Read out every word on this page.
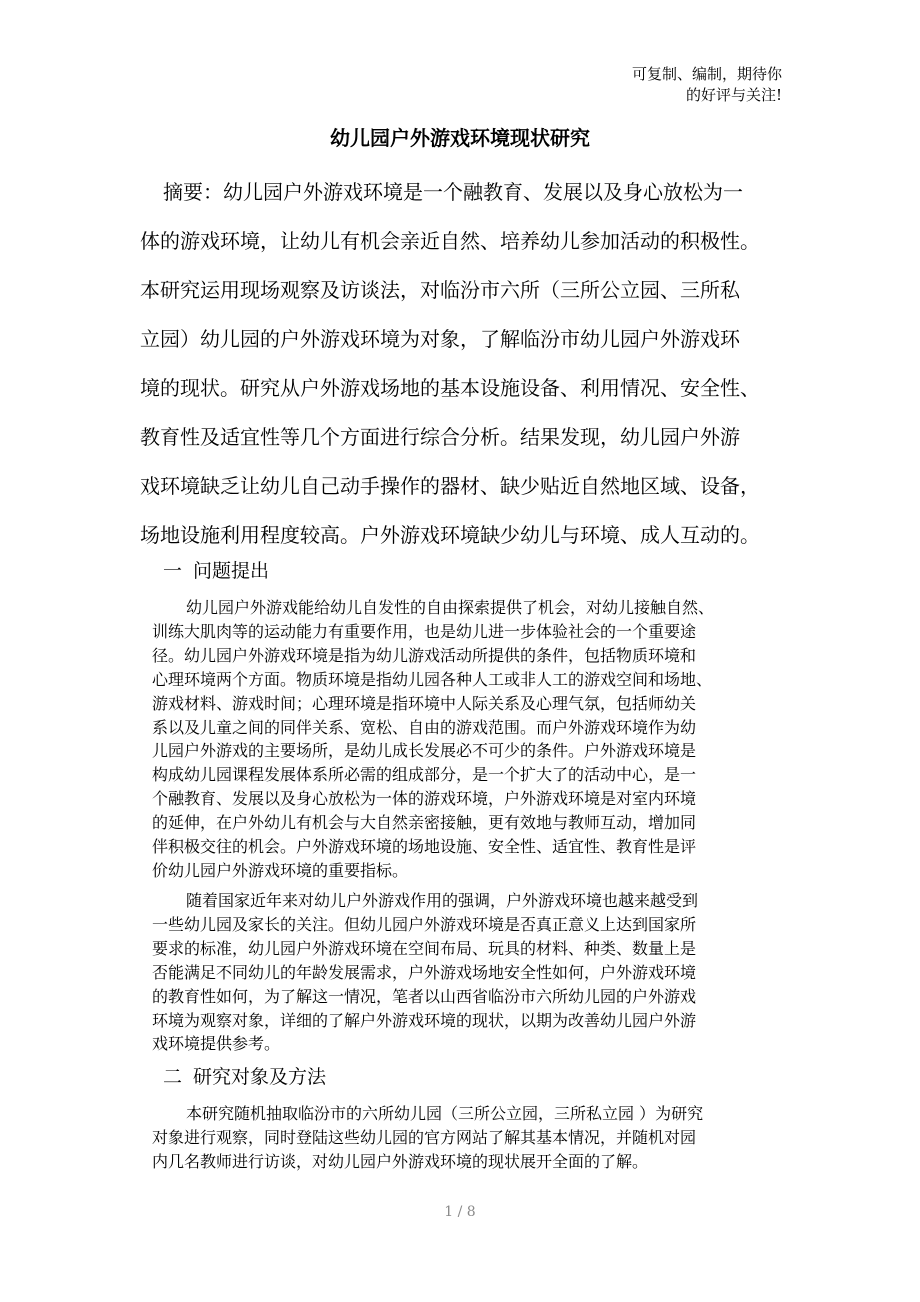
可复制、编制，期待你
的好评与关注!
幼儿园户外游戏环境现状研究
摘要：幼儿园户外游戏环境是一个融教育、发展以及身心放松为一
体的游戏环境，让幼儿有机会亲近自然、培养幼儿参加活动的积极性。
本研究运用现场观察及访谈法，对临汾市六所（三所公立园、三所私
立园）幼儿园的户外游戏环境为对象，了解临汾市幼儿园户外游戏环
境的现状。研究从户外游戏场地的基本设施设备、利用情况、安全性、
教育性及适宜性等几个方面进行综合分析。结果发现，幼儿园户外游
戏环境缺乏让幼儿自己动手操作的器材、缺少贴近自然地区域、设备，
场地设施利用程度较高。户外游戏环境缺少幼儿与环境、成人互动的。
一 问题提出
幼儿园户外游戏能给幼儿自发性的自由探索提供了机会，对幼儿接触自然、
训练大肌肉等的运动能力有重要作用，也是幼儿进一步体验社会的一个重要途
径。幼儿园户外游戏环境是指为幼儿游戏活动所提供的条件，包括物质环境和
心理环境两个方面。物质环境是指幼儿园各种人工或非人工的游戏空间和场地、
游戏材料、游戏时间；心理环境是指环境中人际关系及心理气氛，包括师幼关
系以及儿童之间的同伴关系、宽松、自由的游戏范围。而户外游戏环境作为幼
儿园户外游戏的主要场所，是幼儿成长发展必不可少的条件。户外游戏环境是
构成幼儿园课程发展体系所必需的组成部分，是一个扩大了的活动中心，是一
个融教育、发展以及身心放松为一体的游戏环境，户外游戏环境是对室内环境
的延伸，在户外幼儿有机会与大自然亲密接触，更有效地与教师互动，增加同
伴积极交往的机会。户外游戏环境的场地设施、安全性、适宜性、教育性是评
价幼儿园户外游戏环境的重要指标。
随着国家近年来对幼儿户外游戏作用的强调，户外游戏环境也越来越受到
一些幼儿园及家长的关注。但幼儿园户外游戏环境是否真正意义上达到国家所
要求的标准，幼儿园户外游戏环境在空间布局、玩具的材料、种类、数量上是
否能满足不同幼儿的年龄发展需求，户外游戏场地安全性如何，户外游戏环境
的教育性如何，为了解这一情况，笔者以山西省临汾市六所幼儿园的户外游戏
环境为观察对象，详细的了解户外游戏环境的现状，以期为改善幼儿园户外游
戏环境提供参考。
二 研究对象及方法
本研究随机抽取临汾市的六所幼儿园（三所公立园，三所私立园 ）为研究
对象进行观察，同时登陆这些幼儿园的官方网站了解其基本情况，并随机对园
内几名教师进行访谈，对幼儿园户外游戏环境的现状展开全面的了解。
1 / 8
